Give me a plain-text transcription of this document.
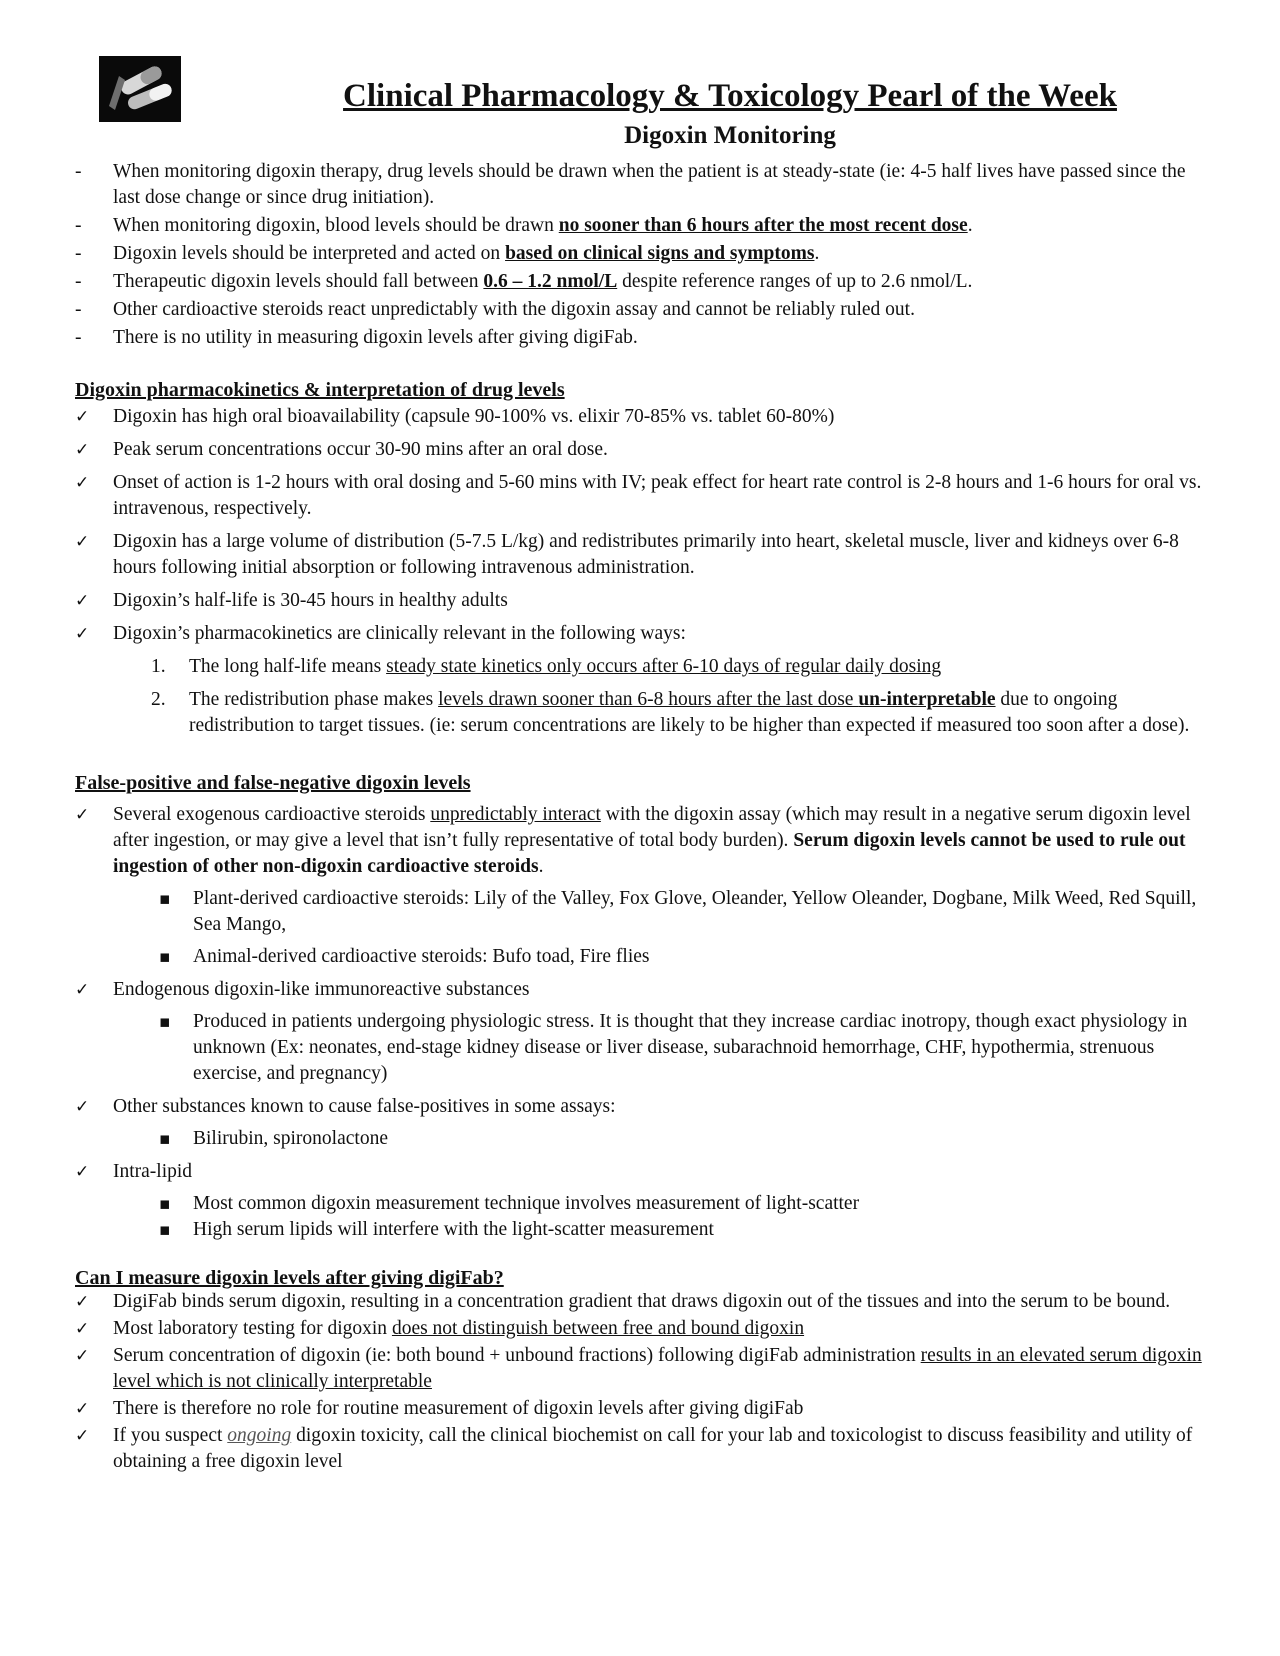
Clinical Pharmacology & Toxicology Pearl of the Week
Digoxin Monitoring
- When monitoring digoxin therapy, drug levels should be drawn when the patient is at steady-state (ie: 4-5 half lives have passed since the last dose change or since drug initiation).
- When monitoring digoxin, blood levels should be drawn no sooner than 6 hours after the most recent dose.
- Digoxin levels should be interpreted and acted on based on clinical signs and symptoms.
- Therapeutic digoxin levels should fall between 0.6 – 1.2 nmol/L despite reference ranges of up to 2.6 nmol/L.
- Other cardioactive steroids react unpredictably with the digoxin assay and cannot be reliably ruled out.
- There is no utility in measuring digoxin levels after giving digiFab.
Digoxin pharmacokinetics & interpretation of drug levels
✓ Digoxin has high oral bioavailability (capsule 90-100% vs. elixir 70-85% vs. tablet 60-80%)
✓ Peak serum concentrations occur 30-90 mins after an oral dose.
✓ Onset of action is 1-2 hours with oral dosing and 5-60 mins with IV; peak effect for heart rate control is 2-8 hours and 1-6 hours for oral vs. intravenous, respectively.
✓ Digoxin has a large volume of distribution (5-7.5 L/kg) and redistributes primarily into heart, skeletal muscle, liver and kidneys over 6-8 hours following initial absorption or following intravenous administration.
✓ Digoxin’s half-life is 30-45 hours in healthy adults
✓ Digoxin’s pharmacokinetics are clinically relevant in the following ways:
1. The long half-life means steady state kinetics only occurs after 6-10 days of regular daily dosing
2. The redistribution phase makes levels drawn sooner than 6-8 hours after the last dose un-interpretable due to ongoing redistribution to target tissues. (ie: serum concentrations are likely to be higher than expected if measured too soon after a dose).
False-positive and false-negative digoxin levels
✓ Several exogenous cardioactive steroids unpredictably interact with the digoxin assay (which may result in a negative serum digoxin level after ingestion, or may give a level that isn’t fully representative of total body burden). Serum digoxin levels cannot be used to rule out ingestion of other non-digoxin cardioactive steroids.
▪ Plant-derived cardioactive steroids: Lily of the Valley, Fox Glove, Oleander, Yellow Oleander, Dogbane, Milk Weed, Red Squill, Sea Mango,
▪ Animal-derived cardioactive steroids: Bufo toad, Fire flies
✓ Endogenous digoxin-like immunoreactive substances
▪ Produced in patients undergoing physiologic stress. It is thought that they increase cardiac inotropy, though exact physiology in unknown (Ex: neonates, end-stage kidney disease or liver disease, subarachnoid hemorrhage, CHF, hypothermia, strenuous exercise, and pregnancy)
✓ Other substances known to cause false-positives in some assays:
▪ Bilirubin, spironolactone
✓ Intra-lipid
▪ Most common digoxin measurement technique involves measurement of light-scatter
▪ High serum lipids will interfere with the light-scatter measurement
Can I measure digoxin levels after giving digiFab?
✓ DigiFab binds serum digoxin, resulting in a concentration gradient that draws digoxin out of the tissues and into the serum to be bound.
✓ Most laboratory testing for digoxin does not distinguish between free and bound digoxin
✓ Serum concentration of digoxin (ie: both bound + unbound fractions) following digiFab administration results in an elevated serum digoxin level which is not clinically interpretable
✓ There is therefore no role for routine measurement of digoxin levels after giving digiFab
✓ If you suspect ongoing digoxin toxicity, call the clinical biochemist on call for your lab and toxicologist to discuss feasibility and utility of obtaining a free digoxin level
